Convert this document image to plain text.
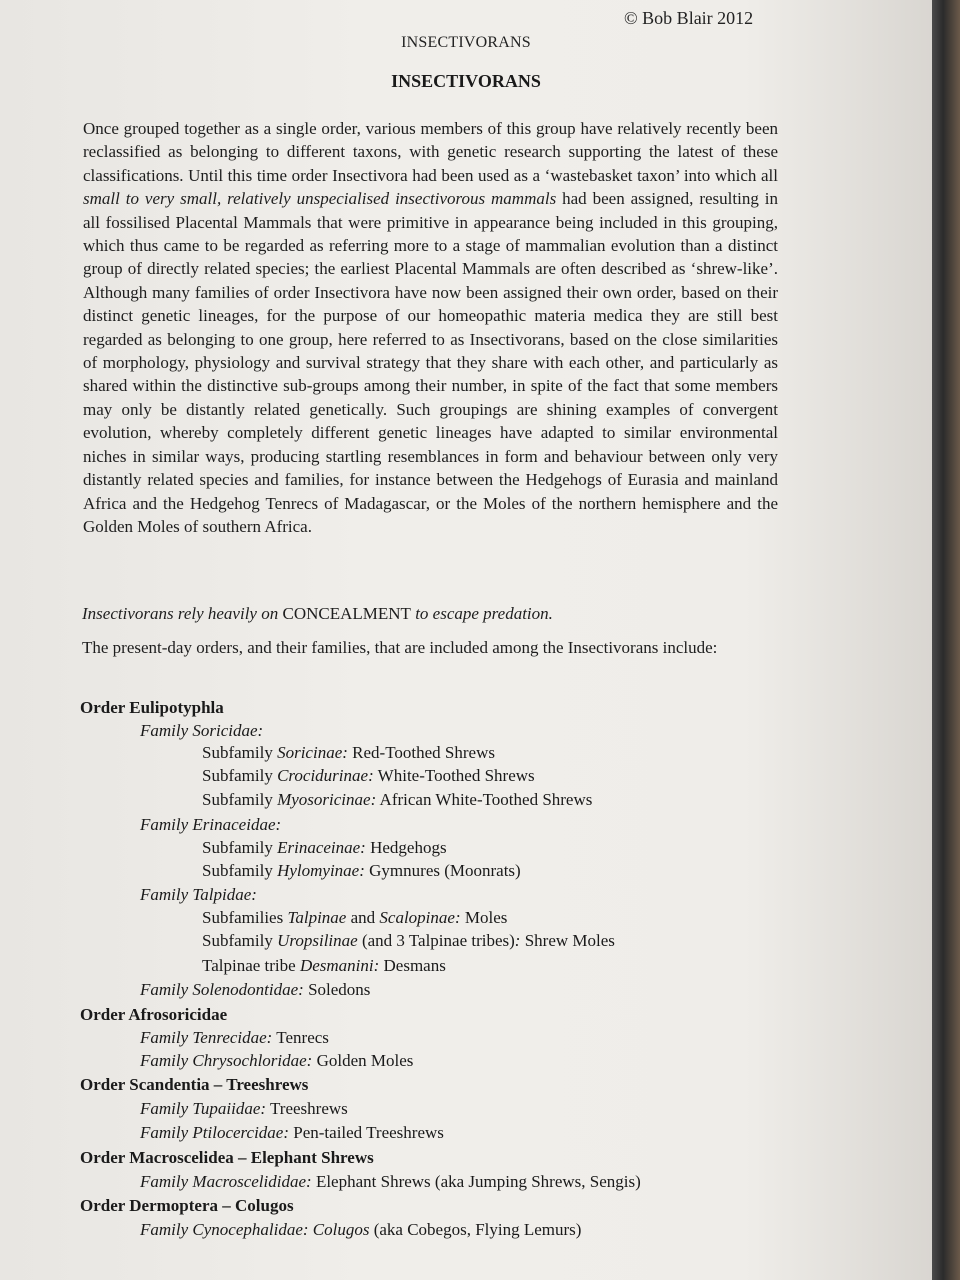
© Bob Blair 2012
INSECTIVORANS
INSECTIVORANS
Once grouped together as a single order, various members of this group have relatively recently been reclassified as belonging to different taxons, with genetic research supporting the latest of these classifications. Until this time order Insectivora had been used as a ‘wastebasket taxon’ into which all small to very small, relatively unspecialised insectivorous mammals had been assigned, resulting in all fossilised Placental Mammals that were primitive in appearance being included in this grouping, which thus came to be regarded as referring more to a stage of mammalian evolution than a distinct group of directly related species; the earliest Placental Mammals are often described as ‘shrew-like’. Although many families of order Insectivora have now been assigned their own order, based on their distinct genetic lineages, for the purpose of our homeopathic materia medica they are still best regarded as belonging to one group, here referred to as Insectivorans, based on the close similarities of morphology, physiology and survival strategy that they share with each other, and particularly as shared within the distinctive sub-groups among their number, in spite of the fact that some members may only be distantly related genetically. Such groupings are shining examples of convergent evolution, whereby completely different genetic lineages have adapted to similar environmental niches in similar ways, producing startling resemblances in form and behaviour between only very distantly related species and families, for instance between the Hedgehogs of Eurasia and mainland Africa and the Hedgehog Tenrecs of Madagascar, or the Moles of the northern hemisphere and the Golden Moles of southern Africa.
Insectivorans rely heavily on CONCEALMENT to escape predation.
The present-day orders, and their families, that are included among the Insectivorans include:
Order Eulipotyphla
Family Soricidae:
Subfamily Soricinae: Red-Toothed Shrews
Subfamily Crocidurinae: White-Toothed Shrews
Subfamily Myosoricinae: African White-Toothed Shrews
Family Erinaceidae:
Subfamily Erinaceinae: Hedgehogs
Subfamily Hylomyinae: Gymnures (Moonrats)
Family Talpidae:
Subfamilies Talpinae and Scalopinae: Moles
Subfamily Uropsilinae (and 3 Talpinae tribes): Shrew Moles
Talpinae tribe Desmanini: Desmans
Family Solenodontidae: Soledons
Order Afrosoricidae
Family Tenrecidae: Tenrecs
Family Chrysochloridae: Golden Moles
Order Scandentia – Treeshrews
Family Tupaiidae: Treeshrews
Family Ptilocercidae: Pen-tailed Treeshrews
Order Macroscelidea – Elephant Shrews
Family Macroscelididae: Elephant Shrews (aka Jumping Shrews, Sengis)
Order Dermoptera – Colugos
Family Cynocephalidae: Colugos (aka Cobegos, Flying Lemurs)
